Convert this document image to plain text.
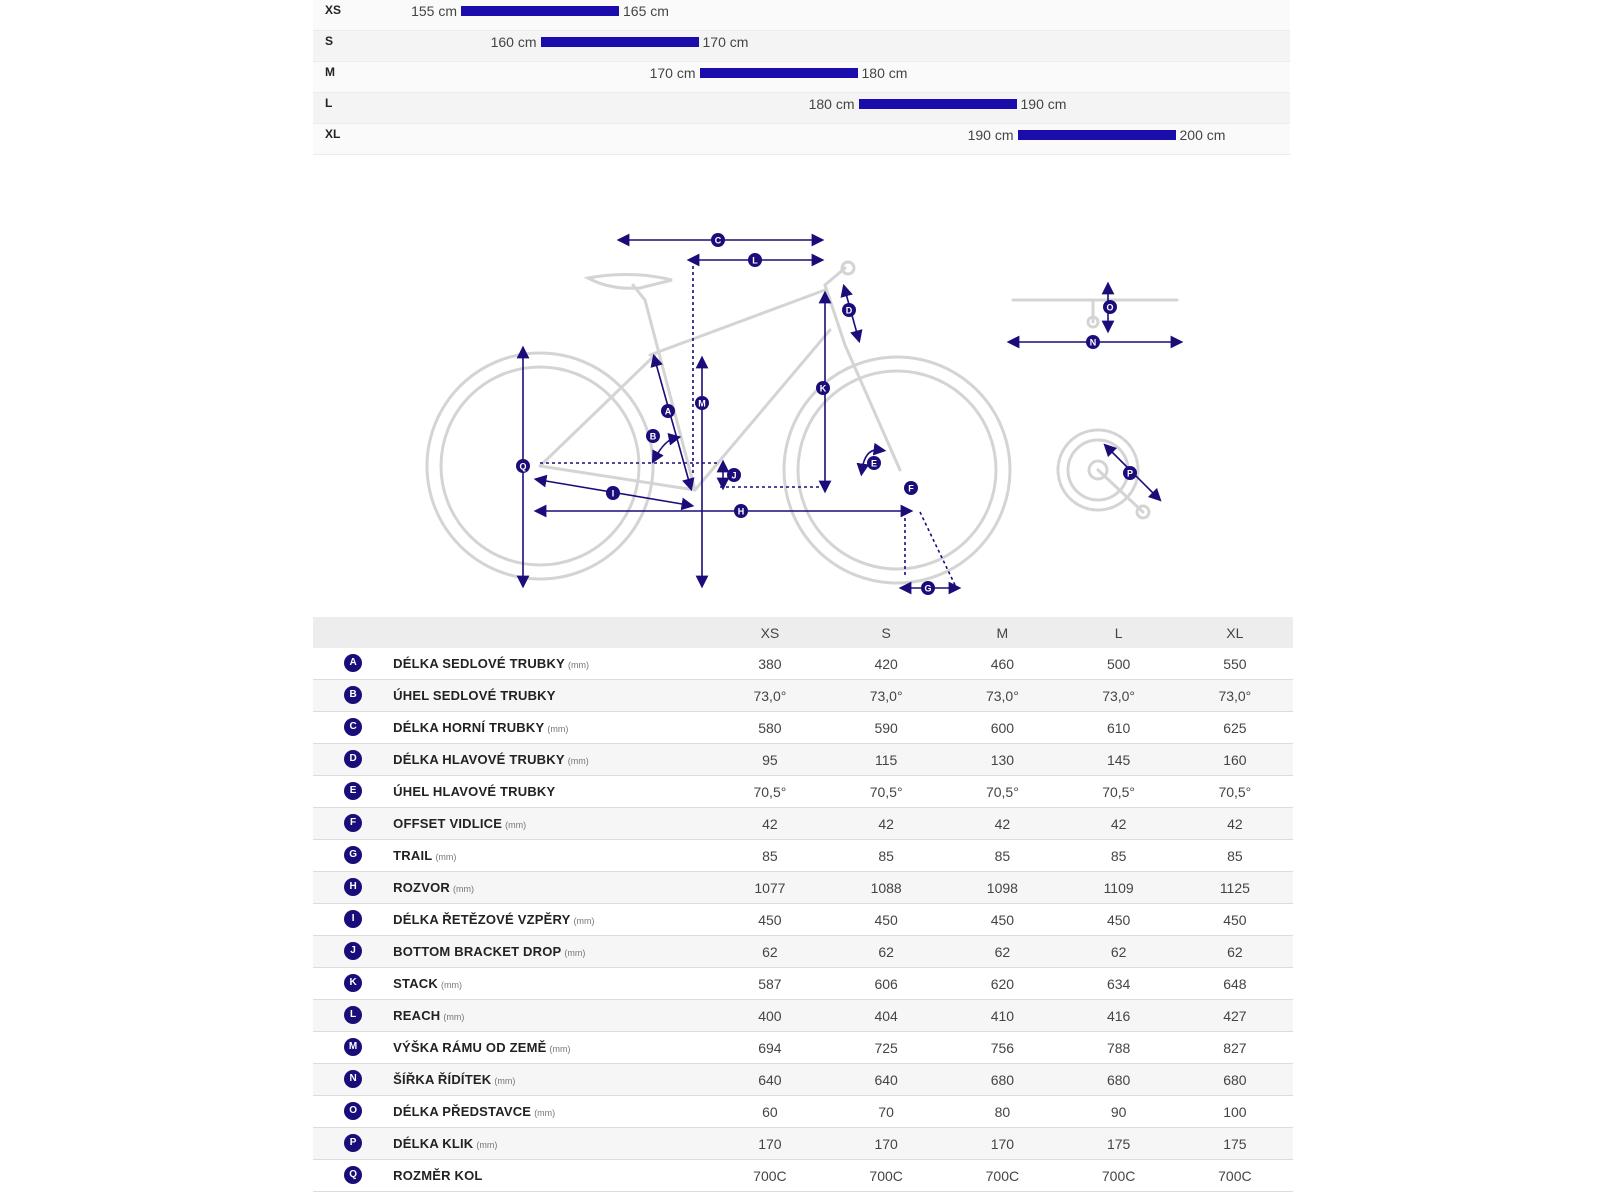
XS	155 cm	165 cm
S	160 cm	170 cm
M	170 cm	180 cm
L	180 cm	190 cm
XL	190 cm	200 cm
A
B
C
D
E
F
G
H
I
J
K
L
M
N
O
P
Q
		XS	S	M	L	XL
A	DÉLKA SEDLOVÉ TRUBKY (mm)	380	420	460	500	550
B	ÚHEL SEDLOVÉ TRUBKY	73,0°	73,0°	73,0°	73,0°	73,0°
C	DÉLKA HORNÍ TRUBKY (mm)	580	590	600	610	625
D	DÉLKA HLAVOVÉ TRUBKY (mm)	95	115	130	145	160
E	ÚHEL HLAVOVÉ TRUBKY	70,5°	70,5°	70,5°	70,5°	70,5°
F	OFFSET VIDLICE (mm)	42	42	42	42	42
G	TRAIL (mm)	85	85	85	85	85
H	ROZVOR (mm)	1077	1088	1098	1109	1125
I	DÉLKA ŘETĚZOVÉ VZPĚRY (mm)	450	450	450	450	450
J	BOTTOM BRACKET DROP (mm)	62	62	62	62	62
K	STACK (mm)	587	606	620	634	648
L	REACH (mm)	400	404	410	416	427
M	VÝŠKA RÁMU OD ZEMĚ (mm)	694	725	756	788	827
N	ŠÍŘKA ŘÍDÍTEK (mm)	640	640	680	680	680
O	DÉLKA PŘEDSTAVCE (mm)	60	70	80	90	100
P	DÉLKA KLIK (mm)	170	170	170	175	175
Q	ROZMĚR KOL	700C	700C	700C	700C	700C
